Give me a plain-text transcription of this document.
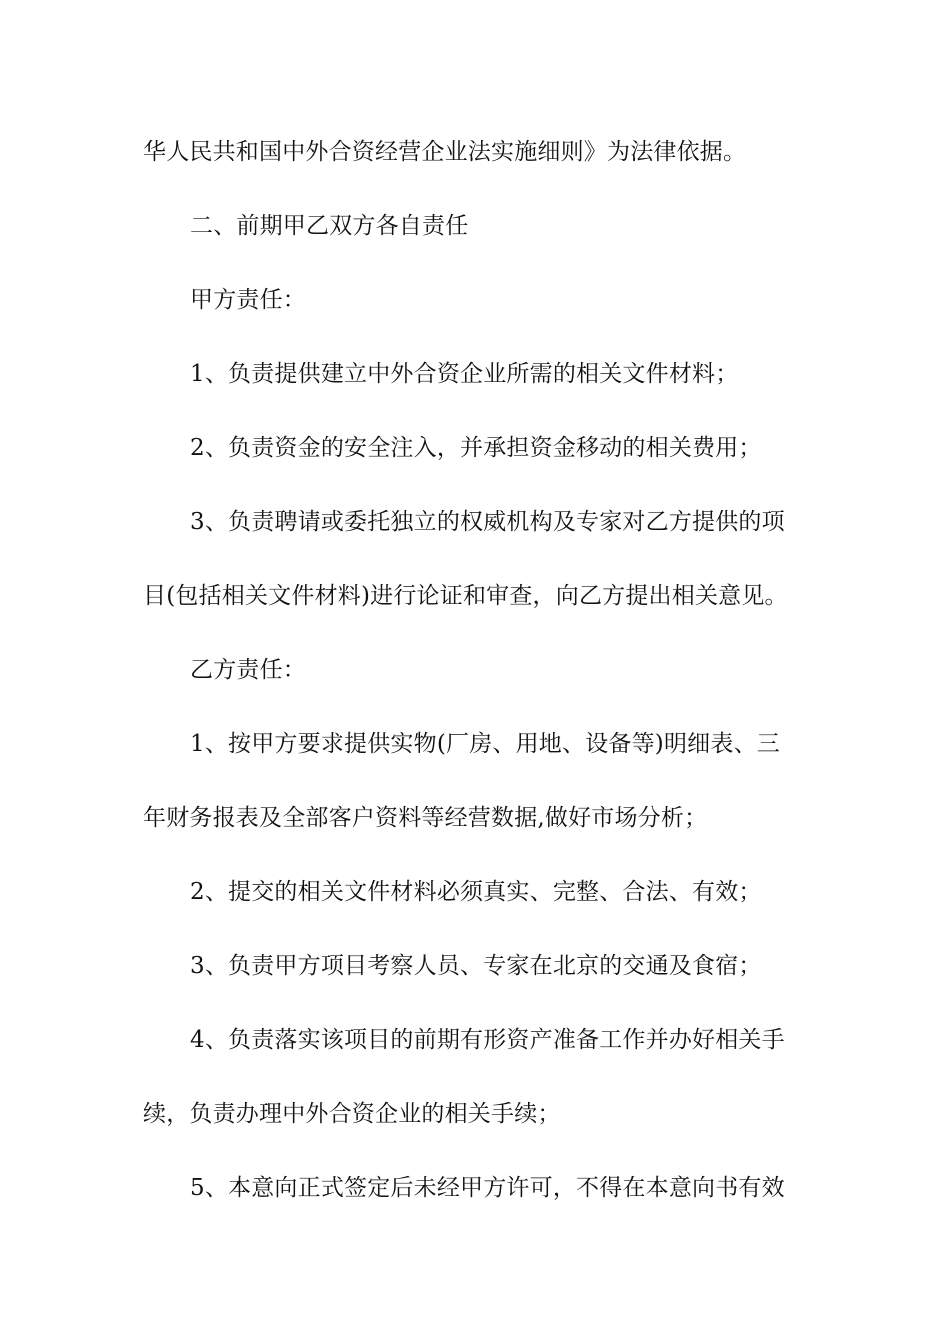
华人民共和国中外合资经营企业法实施细则》为法律依据。
二、前期甲乙双方各自责任
甲方责任：
1、负责提供建立中外合资企业所需的相关文件材料；
2、负责资金的安全注入，并承担资金移动的相关费用；
3、负责聘请或委托独立的权威机构及专家对乙方提供的项
目(包括相关文件材料)进行论证和审查，向乙方提出相关意见。
乙方责任：
1、按甲方要求提供实物(厂房、用地、设备等)明细表、三
年财务报表及全部客户资料等经营数据,做好市场分析；
2、提交的相关文件材料必须真实、完整、合法、有效；
3、负责甲方项目考察人员、专家在北京的交通及食宿；
4、负责落实该项目的前期有形资产准备工作并办好相关手
续，负责办理中外合资企业的相关手续；
5、本意向正式签定后未经甲方许可，不得在本意向书有效
